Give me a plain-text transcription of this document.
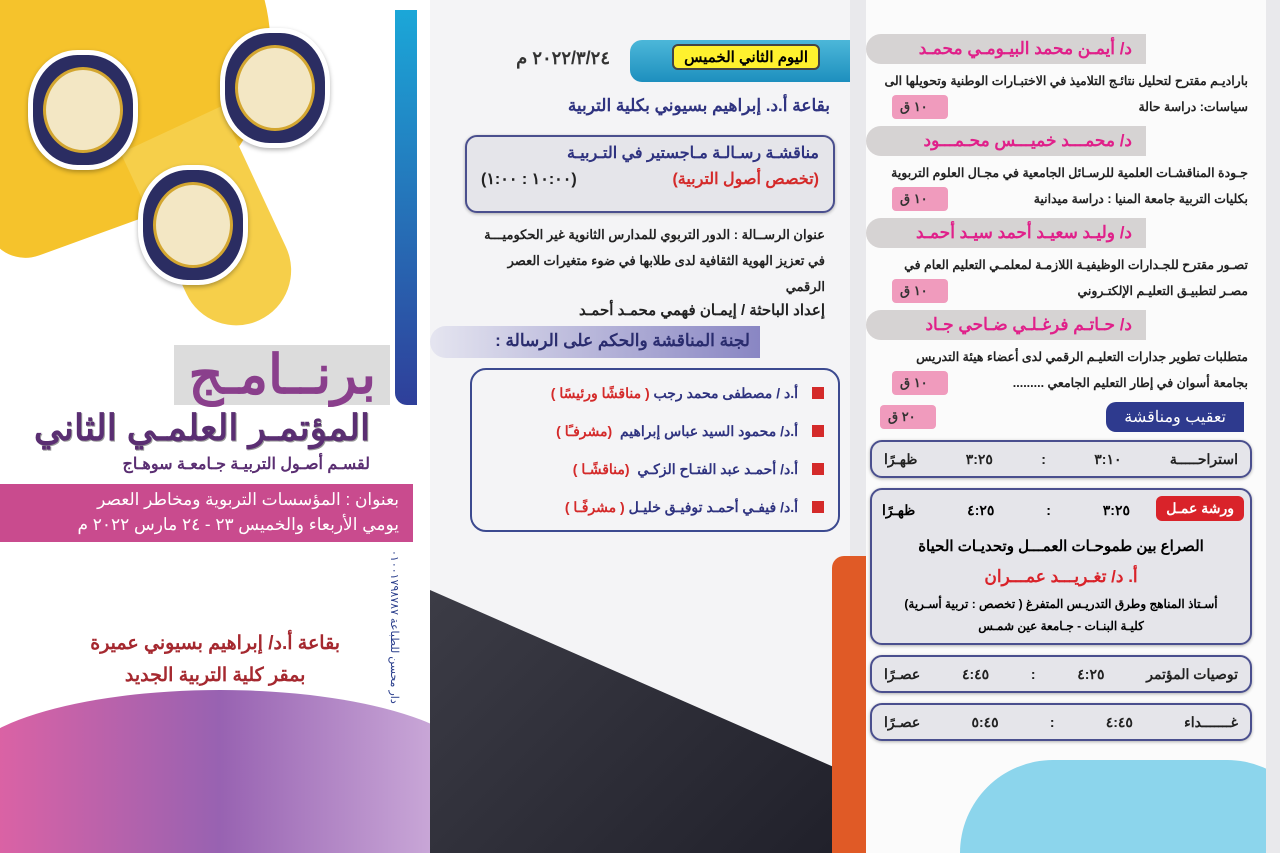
برنــامـج
المؤتمـر العلمـي الثاني
لقسـم أصـول التربيـة جـامعـة سوهـاج
بعنوان : المؤسسات التربوية ومخاطر العصر
يومي الأربعاء والخميس ٢٣ - ٢٤ مارس ٢٠٢٢ م
دار محسن للطباعة ٠١٠٠١٧٩٨٧٨٧
بقاعة أ.د/ إبراهيم بسيوني عميرة
بمقر كلية التربية الجديد
اليوم الثاني الخميس
٢٠٢٢/٣/٢٤ م
بقاعة أ.د. إبراهيم بسيوني بكلية التربية
مناقشـة رسـالـة مـاجستير في التـربيـة
(تخصص أصول التربية)
(١٠:٠٠ : ١:٠٠)
عنوان الرســالة : الدور التربوي للمدارس الثانوية غير الحكوميـــة في تعزيز الهوية الثقافية لدى طلابها في ضوء متغيرات العصر الرقمي
إعداد الباحثة / إيمـان فهمي محمـد أحمـد
لجنة المناقشة والحكم على الرسالة :
أ.د / مصطفى محمد رجب

( مناقشًا ورئيسًا )
أ.د/ محمود السيد عباس إبراهيم

(مشرفـًا )
أ.د/ أحمـد عبد الفتـاح الزكـي

(مناقشًـا )
أ.د/ فيفـي أحمـد توفيـق خليـل

( مشرفًـا )
د/ أيمـن محمد البيـومـي محمـد
١٠ ق
باراديـم مقترح لتحليل نتائـج التلاميذ في الاختبـارات الوطنية وتحويلها الى سياسات: دراسة حالة
د/ محمـــد خميـــس محـمـــود
١٠ ق
جـودة المناقشـات العلمية للرسـائل الجامعية في مجـال العلوم التربوية بكليات التربية جامعة المنيا : دراسة ميدانية
د/ وليـد سعيـد أحمد سيـد أحمـد
١٠ ق
تصـور مقترح للجـدارات الوظيفيـة اللازمـة لمعلمـي التعليم العام في مصـر لتطبيـق التعليـم الإلكتـروني
د/ حـاتـم فرغـلـي ضـاحي جـاد
١٠ ق
متطلبات تطوير جدارات التعليـم الرقمي لدى أعضاء هيئة التدريس بجامعة أسوان في إطار التعليم الجامعي .........
تعقيب ومناقشة
٢٠ ق
استراحـــــة
٣:١٠
:
٣:٢٥
ظهـرًا
ورشة عمـل
٣:٢٥
:
٤:٢٥
ظهـرًا
الصراع بين طموحـات العمـــل وتحديـات الحياة
أ. د/ تغـريـــد عمـــران
أسـتاذ المناهج وطرق التدريـس المتفرغ ( تخصص : تربية أسـرية)
كليـة البنـات - جـامعة عين شمـس
توصيات المؤتمر
٤:٢٥
:
٤:٤٥
عصـرًا
غـــــــداء
٤:٤٥
:
٥:٤٥
عصـرًا
